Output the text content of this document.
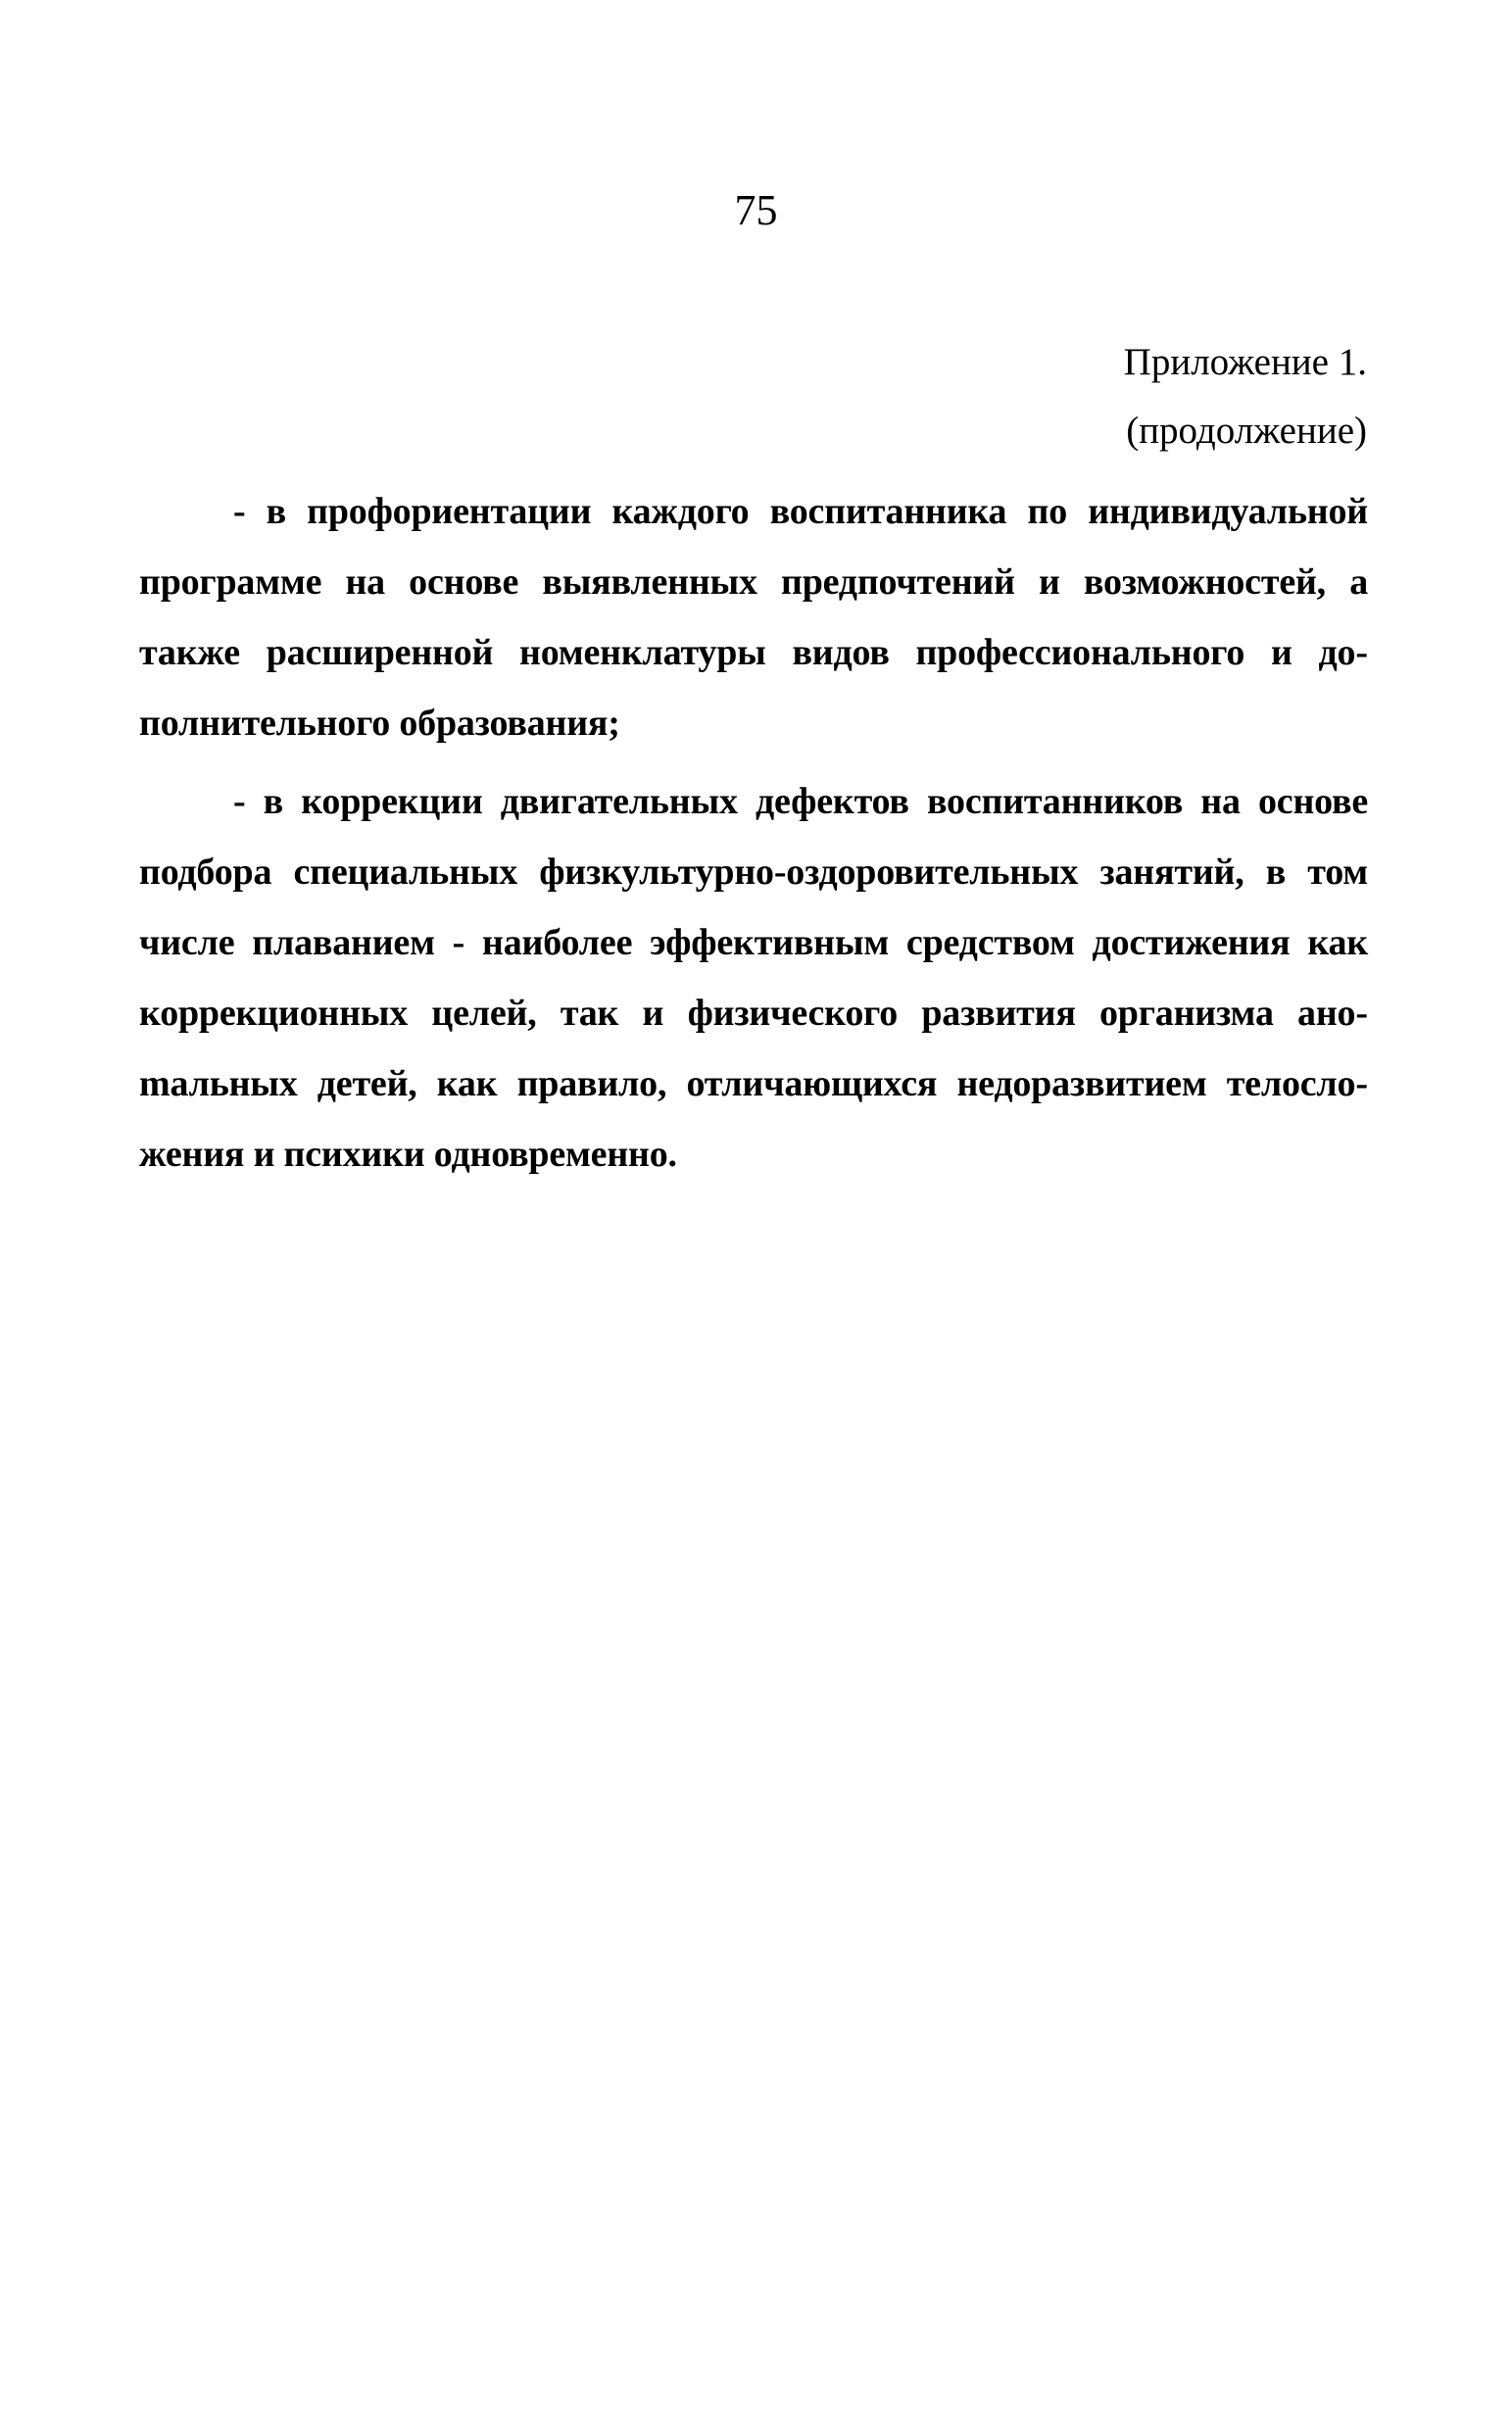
75
Приложение 1.
(продолжение)

- в профориентации каждого воспитанника по индивидуальной программе на основе выявленных предпочтений и возможностей, а также расширенной номенклатуры видов профессионального и дополнительного образования;

- в коррекции двигательных дефектов воспитанников на основе подбора специальных физкультурно-оздоровительных занятий, в том числе плаванием - наиболее эффективным средством достижения как коррекционных целей, так и физического развития организма аноmальных детей, как правило, отличающихся недоразвитием телосложения и психики одновременно.
